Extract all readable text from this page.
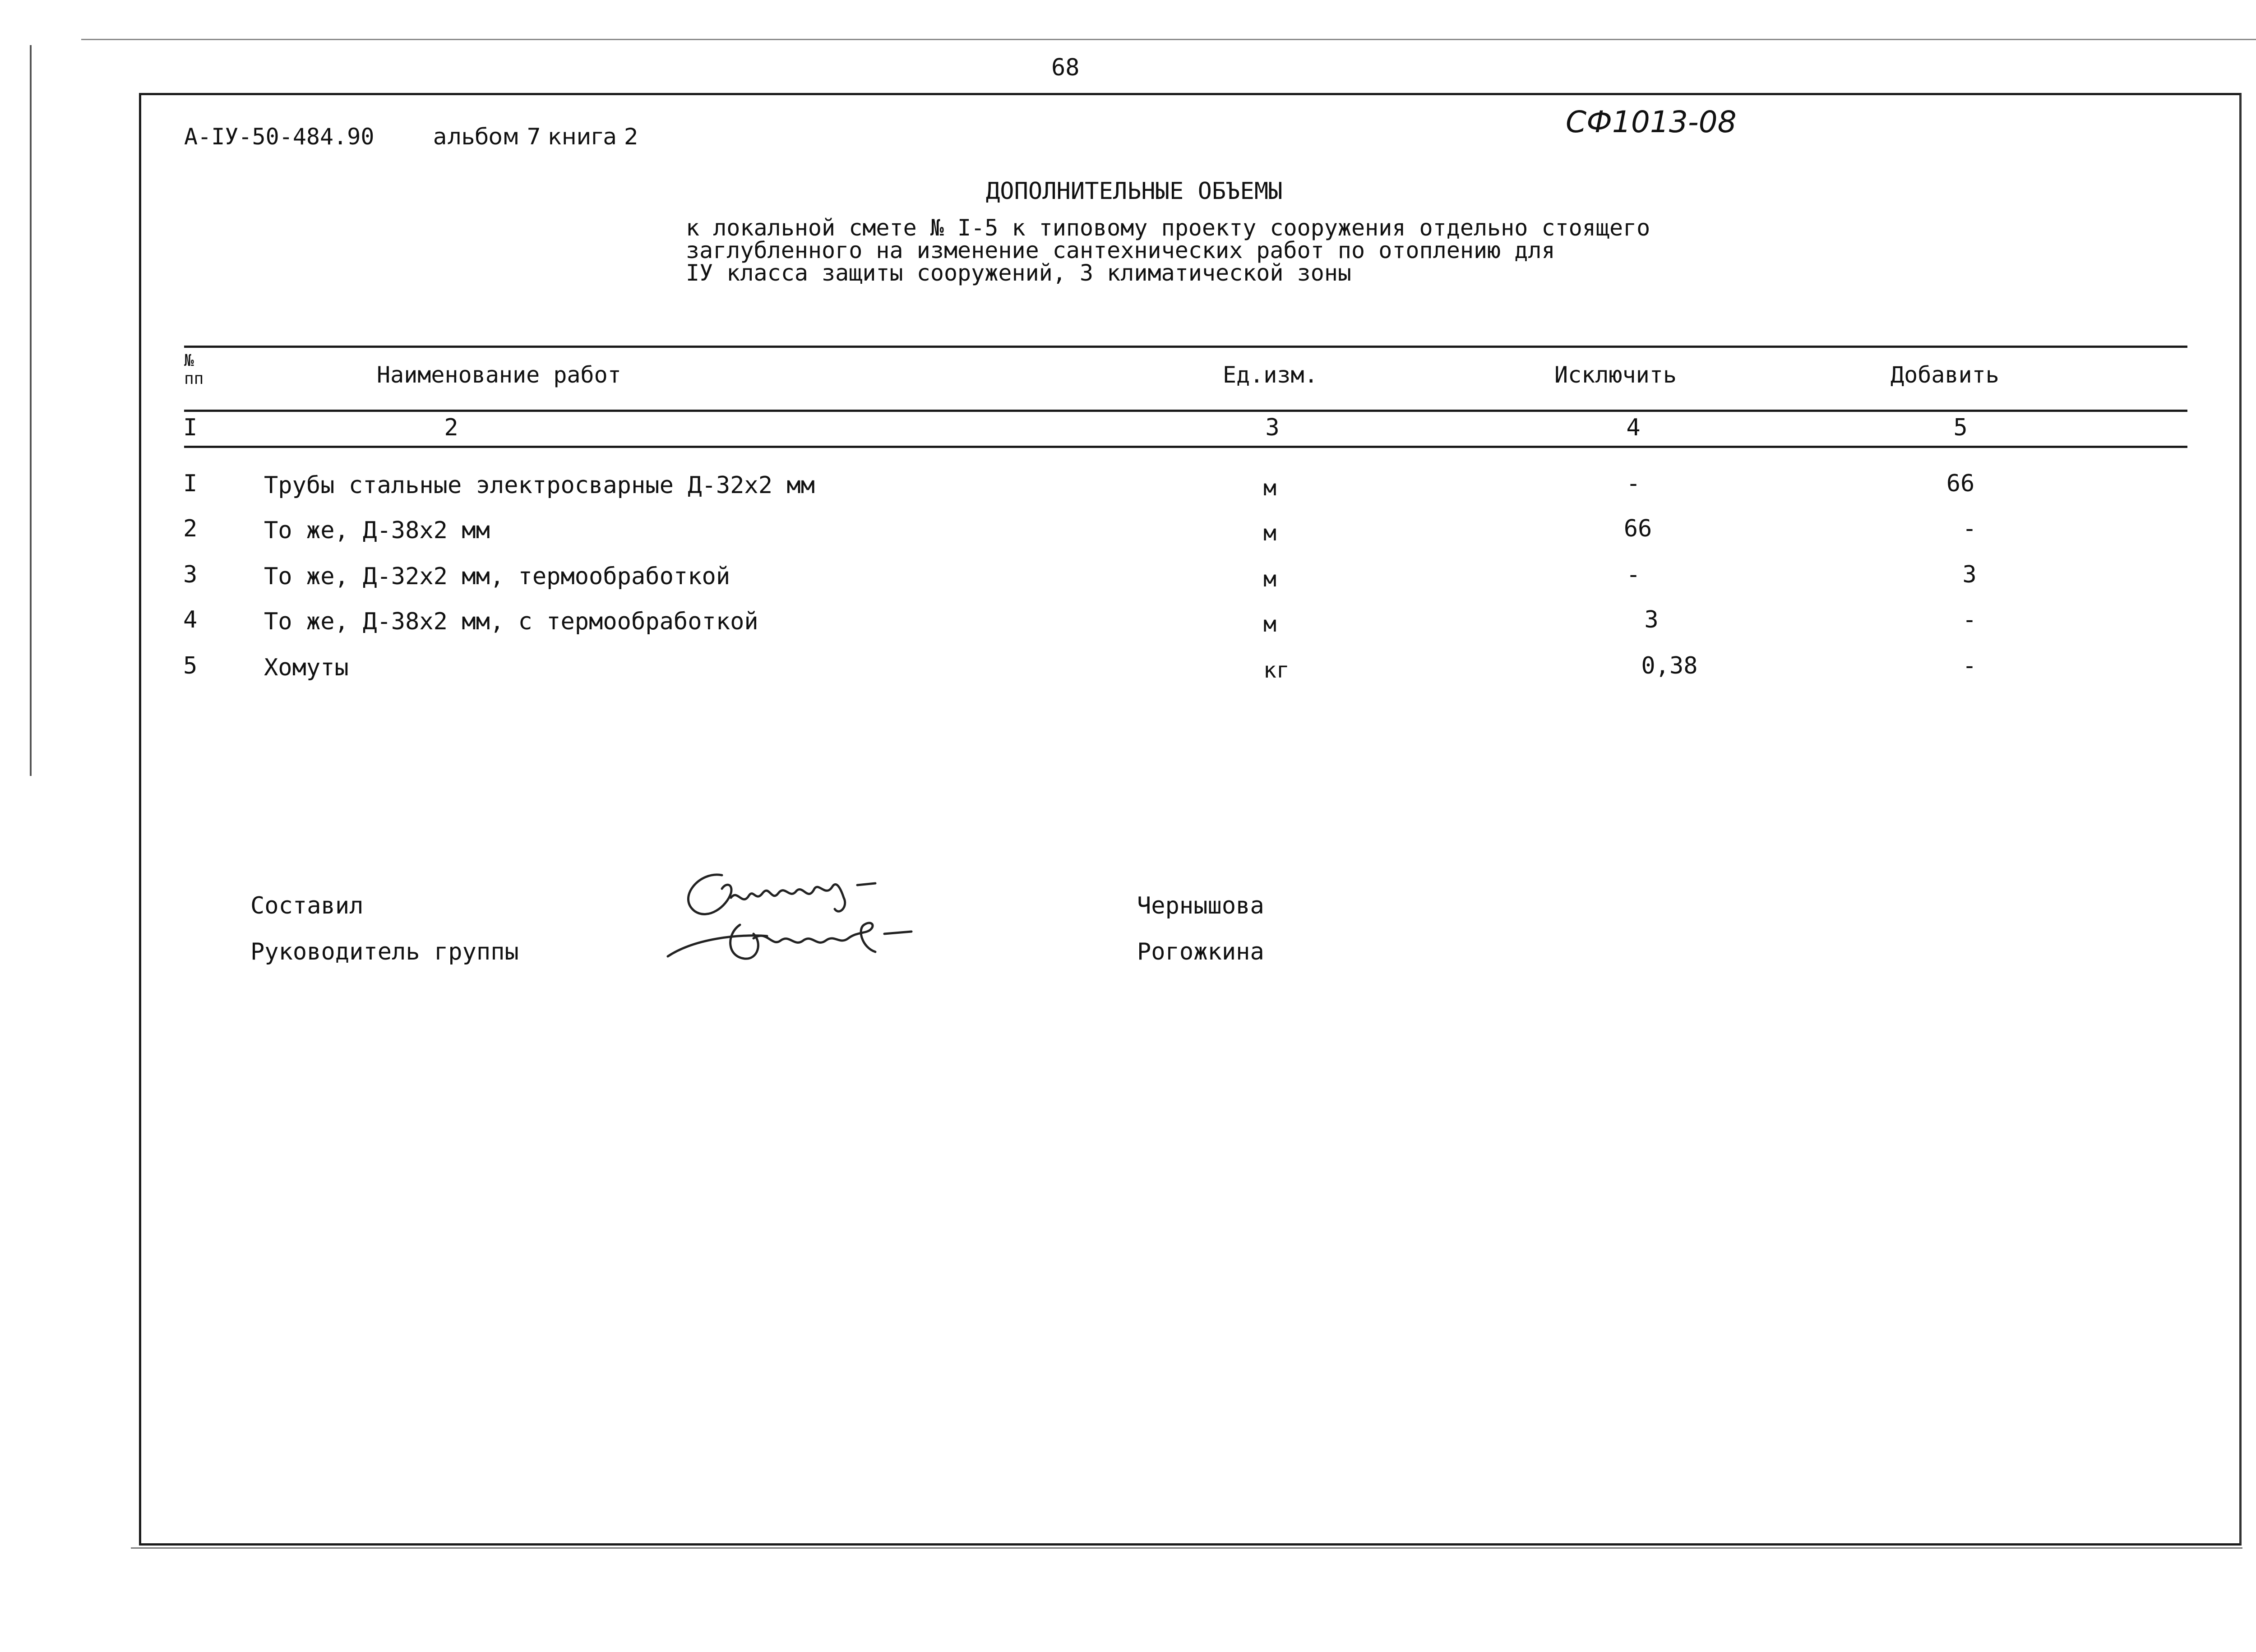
68
А-IУ-50-484.90	альбом 7 книга 2	СФ1013-08
ДОПОЛНИТЕЛЬНЫЕ ОБЪЕМЫ
к локальной смете № I-5 к типовому проекту сооружения отдельно стоящего
заглубленного на изменение сантехнических работ по отоплению для
IУ класса защиты сооружений, 3 климатической зоны
№ пп	Наименование работ	Ед.изм.	Исключить	Добавить
I	2	3	4	5
I	Трубы стальные электросварные Д-32х2 мм	м	-	66
2	То же, Д-38х2 мм	м	66	-
3	То же, Д-32х2 мм, термообработкой	м	-	3
4	То же, Д-38х2 мм, с термообработкой	м	3	-
5	Хомуты	кг	0,38	-
Составил
Руководитель группы
Чернышова
Рогожкина
